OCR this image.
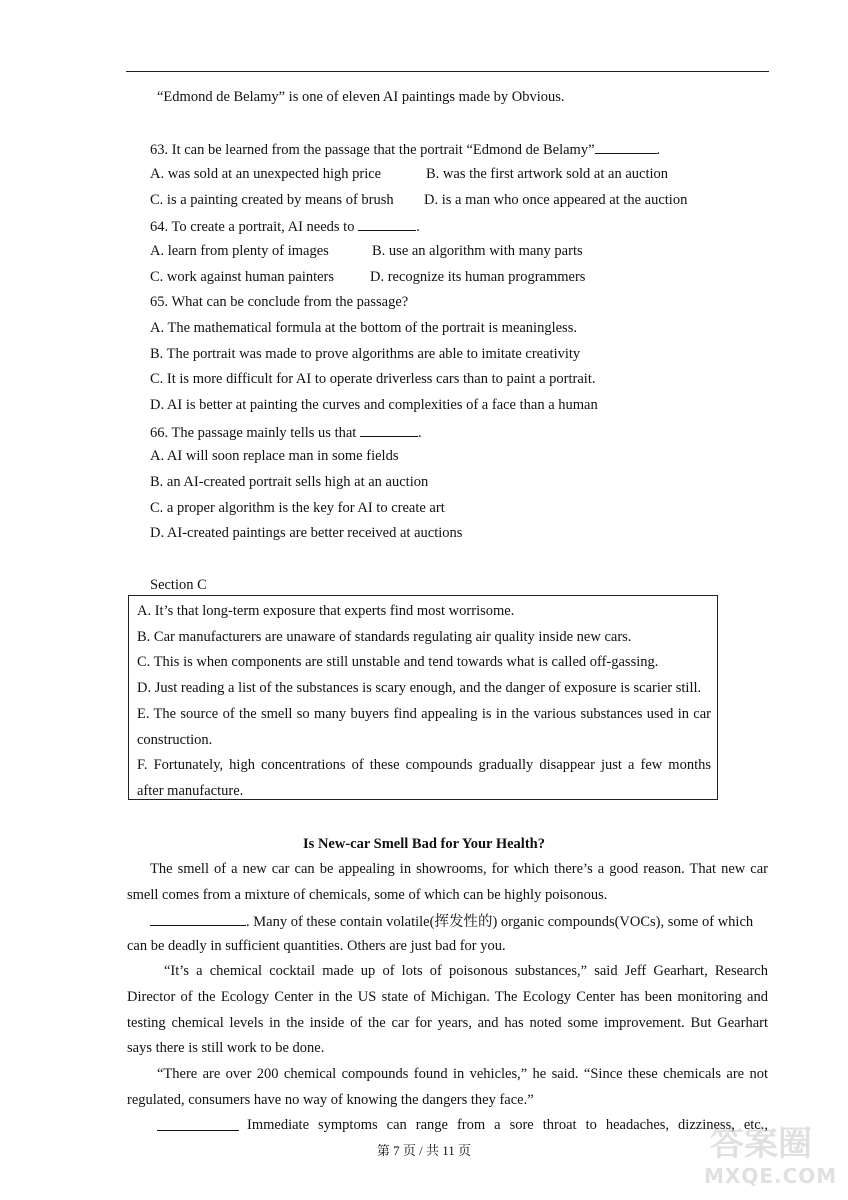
“Edmond de Belamy” is one of eleven AI paintings made by Obvious.
63. It can be learned from the passage that the portrait “Edmond de Belamy”	.
A. was sold at an unexpected high price	B. was the first artwork sold at an auction
C. is a painting created by means of brush D. is a man who once appeared at the auction
64. To create a portrait, AI needs to	.
A. learn from plenty of images	B. use an algorithm with many parts
C. work against human painters D. recognize its human programmers
65. What can be conclude from the passage?
A. The mathematical formula at the bottom of the portrait is meaningless.
B. The portrait was made to prove algorithms are able to imitate creativity
C. It is more difficult for AI to operate driverless cars than to paint a portrait.
D. AI is better at painting the curves and complexities of a face than a human
66. The passage mainly tells us that	.
A. AI will soon replace man in some fields
B. an AI-created portrait sells high at an auction
C. a proper algorithm is the key for AI to create art
D. AI-created paintings are better received at auctions
Section C
A. It’s that long-term exposure that experts find most worrisome.
B. Car manufacturers are unaware of standards regulating air quality inside new cars.
C. This is when components are still unstable and tend towards what is called off-gassing.
D. Just reading a list of the substances is scary enough, and the danger of exposure is scarier still.
E. The source of the smell so many buyers find appealing is in the various substances used in car
construction.
F. Fortunately, high concentrations of these compounds gradually disappear just a few months
after manufacture.
Is New-car Smell Bad for Your Health?
The smell of a new car can be appealing in showrooms, for which there’s a good reason. That new car
smell comes from a mixture of chemicals, some of which can be highly poisonous.
. Many of these contain volatile(挥发性的) organic compounds(VOCs), some of which
can be deadly in sufficient quantities. Others are just bad for you.
“It’s a chemical cocktail made up of lots of poisonous substances,” said Jeff Gearhart, Research
Director of the Ecology Center in the US state of Michigan. The Ecology Center has been monitoring and
testing chemical levels in the inside of the car for years, and has noted some improvement. But Gearhart
says there is still work to be done.
“There are over 200 chemical compounds found in vehicles,” he said. “Since these chemicals are not
regulated, consumers have no way of knowing the dangers they face.”
Immediate symptoms can range from a sore throat to headaches, dizziness, etc.,
第 7 页 / 共 11 页	答案圈
MXQE.COM
